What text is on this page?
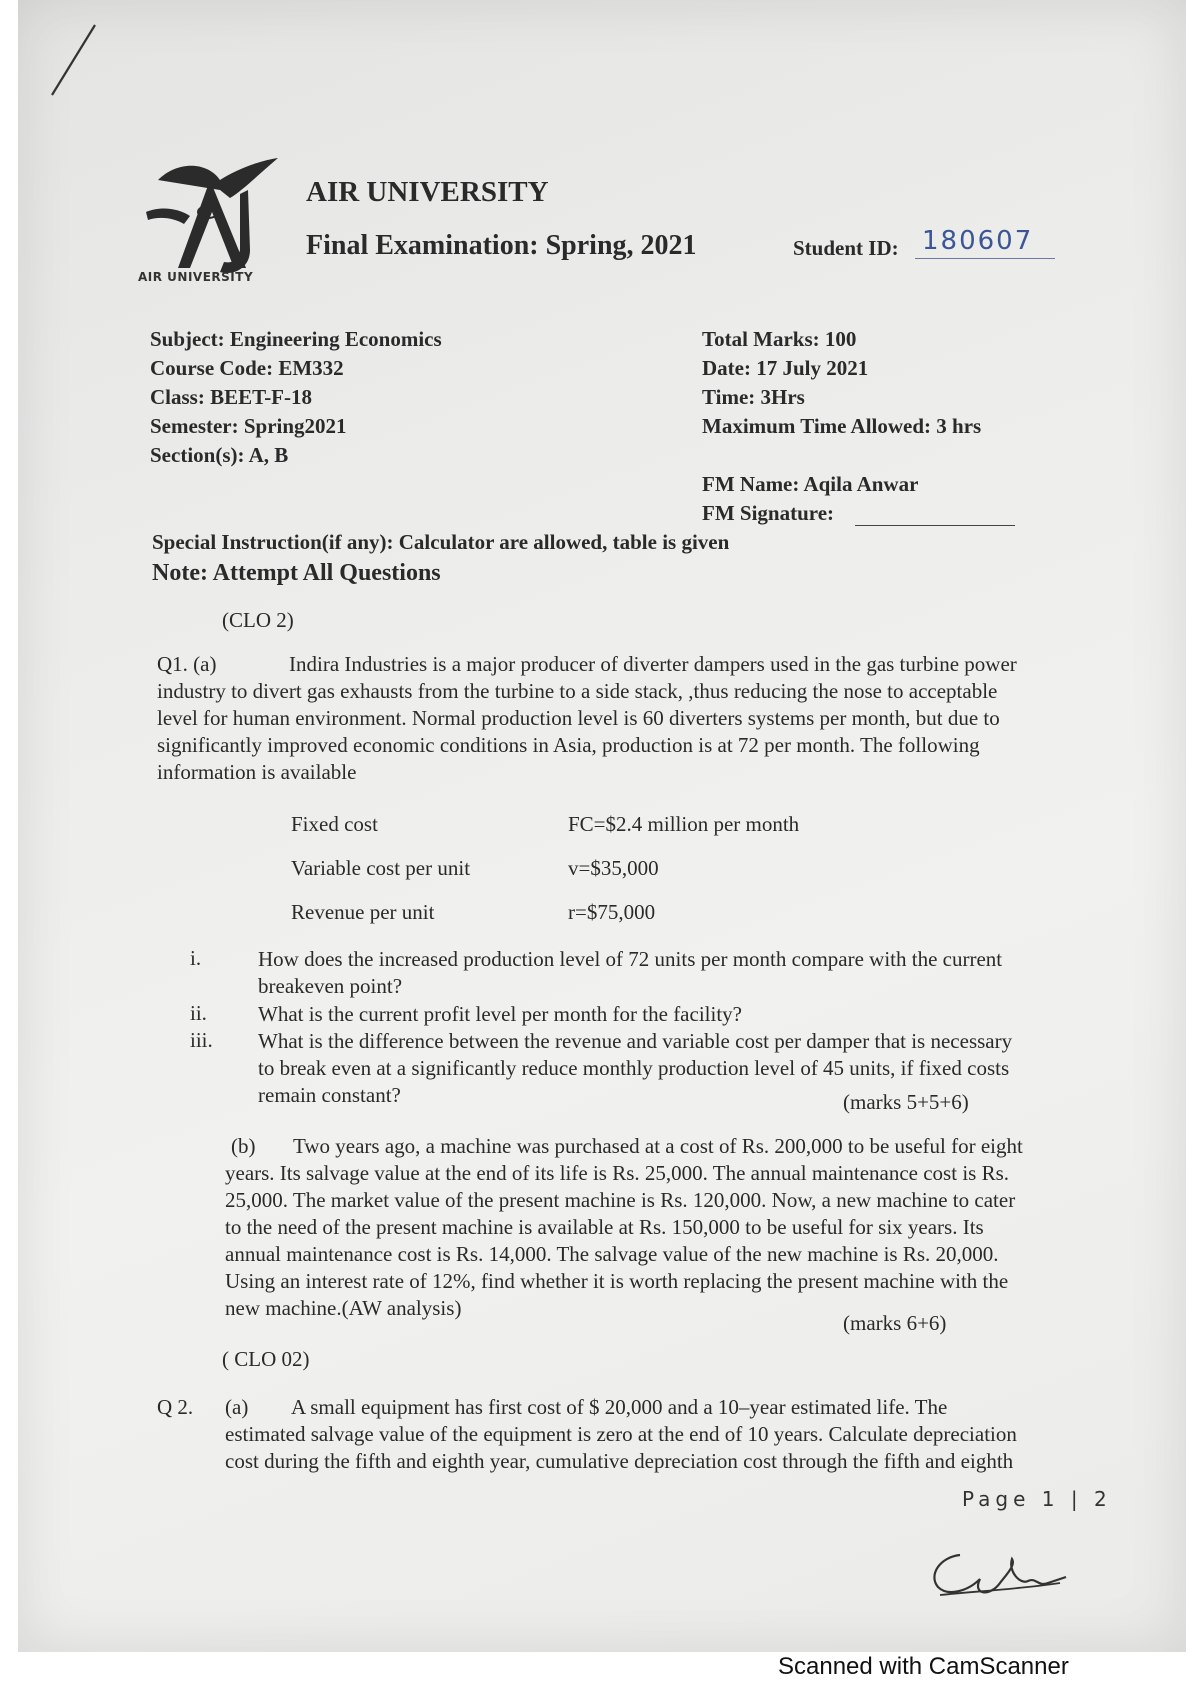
AIR UNIVERSITY
AIR UNIVERSITY
Final Examination: Spring, 2021	Student ID: 180607
Subject: Engineering Economics
Course Code: EM332
Class: BEET-F-18
Semester: Spring2021
Section(s): A, B
Total Marks: 100
Date: 17 July 2021
Time: 3Hrs
Maximum Time Allowed: 3 hrs
FM Name: Aqila Anwar
FM Signature:
Special Instruction(if any): Calculator are allowed, table is given
Note: Attempt All Questions
(CLO 2)
Q1. (a)	Indira Industries is a major producer of diverter dampers used in the gas turbine power
industry to divert gas exhausts from the turbine to a side stack, ,thus reducing the nose to acceptable
level for human environment. Normal production level is 60 diverters systems per month, but due to
significantly improved economic conditions in Asia, production is at 72 per month. The following
information is available
Fixed cost	FC=$2.4 million per month
Variable cost per unit	v=$35,000
Revenue per unit	r=$75,000
i.	How does the increased production level of 72 units per month compare with the current
breakeven point?
ii. What is the current profit level per month for the facility?
iii. What is the difference between the revenue and variable cost per damper that is necessary
to break even at a significantly reduce monthly production level of 45 units, if fixed costs
remain constant?	(marks 5+5+6)
(b) Two years ago, a machine was purchased at a cost of Rs. 200,000 to be useful for eight
years. Its salvage value at the end of its life is Rs. 25,000. The annual maintenance cost is Rs.
25,000. The market value of the present machine is Rs. 120,000. Now, a new machine to cater
to the need of the present machine is available at Rs. 150,000 to be useful for six years. Its
annual maintenance cost is Rs. 14,000. The salvage value of the new machine is Rs. 20,000.
Using an interest rate of 12%, find whether it is worth replacing the present machine with the
new machine.(AW analysis)
(marks 6+6)
( CLO 02)
Q 2. (a) A small equipment has first cost of $ 20,000 and a 10–year estimated life. The
estimated salvage value of the equipment is zero at the end of 10 years. Calculate depreciation
cost during the fifth and eighth year, cumulative depreciation cost through the fifth and eighth
Page 1 | 2
Scanned with CamScanner
